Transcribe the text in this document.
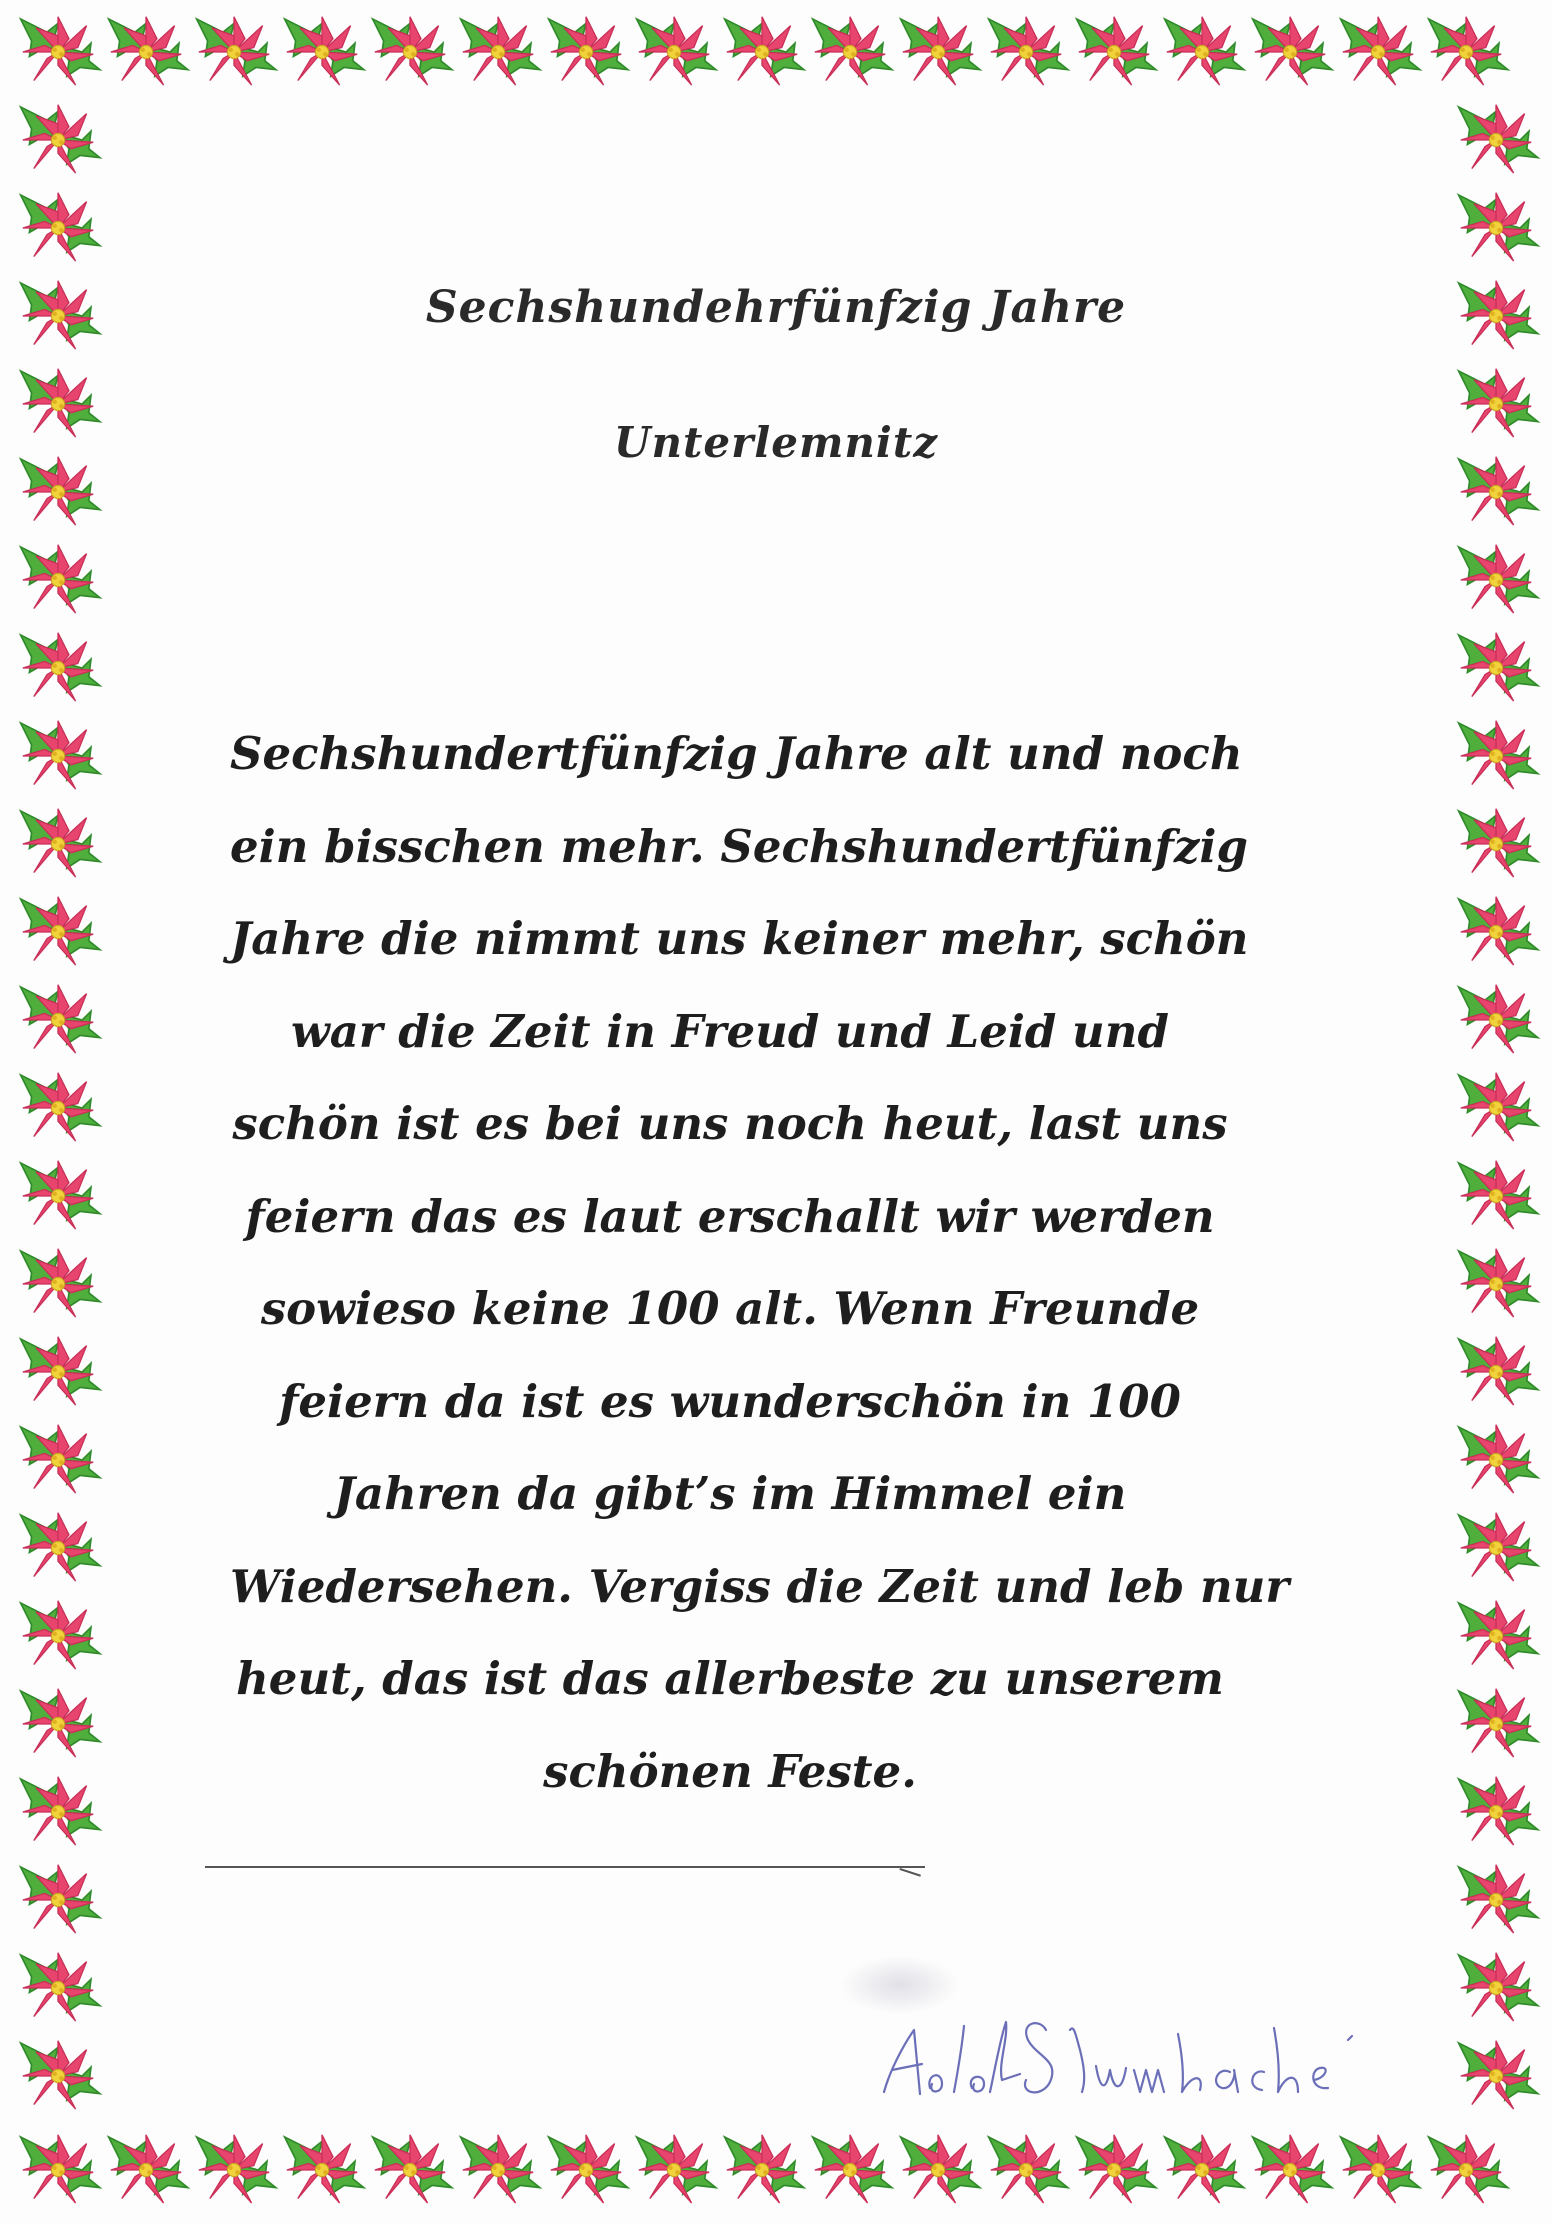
Sechshundehrfünfzig Jahre
Unterlemnitz
Sechshundertfünfzig Jahre alt und noch
ein bisschen mehr. Sechshundertfünfzig
Jahre die nimmt uns keiner mehr, schön
war die Zeit in Freud und Leid und
schön ist es bei uns noch heut, last uns
feiern das es laut erschallt wir werden
sowieso keine 100 alt. Wenn Freunde
feiern da ist es wunderschön in 100
Jahren da gibt’s im Himmel ein
Wiedersehen. Vergiss die Zeit und leb nur
heut, das ist das allerbeste zu unserem
schönen Feste.
